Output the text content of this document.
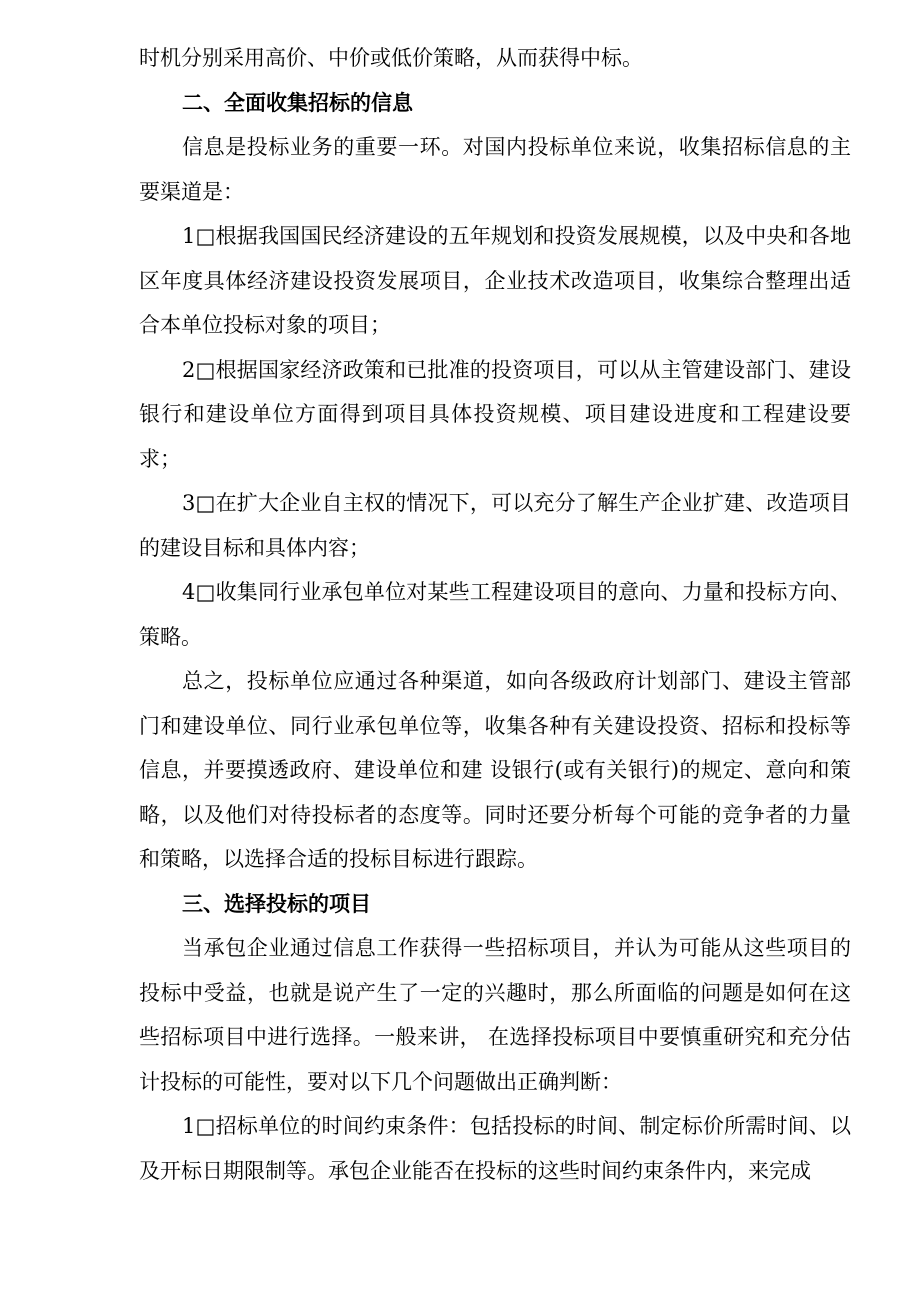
时机分别采用高价、中价或低价策略，从而获得中标。

二、全面收集招标的信息

信息是投标业务的重要一环。对国内投标单位来说，收集招标信息的主要渠道是：

1□根据我国国民经济建设的五年规划和投资发展规模，以及中央和各地区年度具体经济建设投资发展项目，企业技术改造项目，收集综合整理出适合本单位投标对象的项目；

2□根据国家经济政策和已批准的投资项目，可以从主管建设部门、建设银行和建设单位方面得到项目具体投资规模、项目建设进度和工程建设要求；

3□在扩大企业自主权的情况下，可以充分了解生产企业扩建、改造项目的建设目标和具体内容；

4□收集同行业承包单位对某些工程建设项目的意向、力量和投标方向、策略。

总之，投标单位应通过各种渠道，如向各级政府计划部门、建设主管部门和建设单位、同行业承包单位等，收集各种有关建设投资、招标和投标等信息，并要摸透政府、建设单位和建 设银行(或有关银行)的规定、意向和策略，以及他们对待投标者的态度等。同时还要分析每个可能的竞争者的力量和策略，以选择合适的投标目标进行跟踪。

三、选择投标的项目

当承包企业通过信息工作获得一些招标项目，并认为可能从这些项目的投标中受益，也就是说产生了一定的兴趣时，那么所面临的问题是如何在这些招标项目中进行选择。一般来讲， 在选择投标项目中要慎重研究和充分估计投标的可能性，要对以下几个问题做出正确判断：

1□招标单位的时间约束条件：包括投标的时间、制定标价所需时间、以及开标日期限制等。承包企业能否在投标的这些时间约束条件内，来完成
